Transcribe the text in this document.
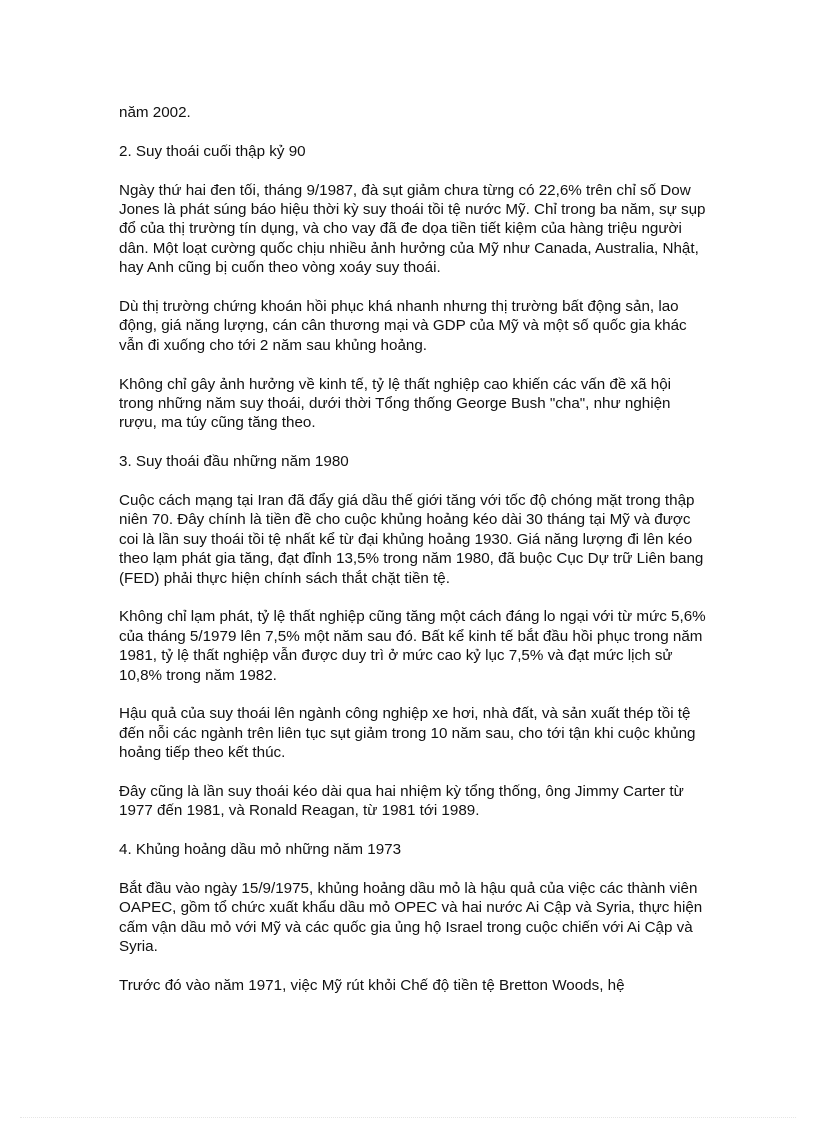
năm 2002.

2. Suy thoái cuối thập kỷ 90

Ngày thứ hai đen tối, tháng 9/1987, đà sụt giảm chưa từng có 22,6% trên chỉ số Dow Jones là phát súng báo hiệu thời kỳ suy thoái tồi tệ nước Mỹ. Chỉ trong ba năm, sự sụp đổ của thị trường tín dụng, và cho vay đã đe dọa tiền tiết kiệm của hàng triệu người dân. Một loạt cường quốc chịu nhiều ảnh hưởng của Mỹ như Canada, Australia, Nhật, hay Anh cũng bị cuốn theo vòng xoáy suy thoái.

Dù thị trường chứng khoán hồi phục khá nhanh nhưng thị trường bất động sản, lao động, giá năng lượng, cán cân thương mại và GDP của Mỹ và một số quốc gia khác vẫn đi xuống cho tới 2 năm sau khủng hoảng.

Không chỉ gây ảnh hưởng về kinh tế, tỷ lệ thất nghiệp cao khiến các vấn đề xã hội trong những năm suy thoái, dưới thời Tổng thống George Bush "cha", như nghiện rượu, ma túy cũng tăng theo.

3. Suy thoái đầu những năm 1980

Cuộc cách mạng tại Iran đã đẩy giá dầu thế giới tăng với tốc độ chóng mặt trong thập niên 70. Đây chính là tiền đề cho cuộc khủng hoảng kéo dài 30 tháng tại Mỹ và được coi là lần suy thoái tồi tệ nhất kể từ đại khủng hoảng 1930. Giá năng lượng đi lên kéo theo lạm phát gia tăng, đạt đỉnh 13,5% trong năm 1980, đã buộc Cục Dự trữ Liên bang (FED) phải thực hiện chính sách thắt chặt tiền tệ.

Không chỉ lạm phát, tỷ lệ thất nghiệp cũng tăng một cách đáng lo ngại với từ mức 5,6% của tháng 5/1979 lên 7,5% một năm sau đó. Bất kể kinh tế bắt đầu hồi phục trong năm 1981, tỷ lệ thất nghiệp vẫn được duy trì ở mức cao kỷ lục 7,5% và đạt mức lịch sử 10,8% trong năm 1982.

Hậu quả của suy thoái lên ngành công nghiệp xe hơi, nhà đất, và sản xuất thép tồi tệ đến nỗi các ngành trên liên tục sụt giảm trong 10 năm sau, cho tới tận khi cuộc khủng hoảng tiếp theo kết thúc.

Đây cũng là lần suy thoái kéo dài qua hai nhiệm kỳ tổng thống, ông Jimmy Carter từ 1977 đến 1981, và Ronald Reagan, từ 1981 tới 1989.

4. Khủng hoảng dầu mỏ những năm 1973

Bắt đầu vào ngày 15/9/1975, khủng hoảng dầu mỏ là hậu quả của việc các thành viên OAPEC, gồm tổ chức xuất khẩu dầu mỏ OPEC và hai nước Ai Cập và Syria, thực hiện cấm vận dầu mỏ với Mỹ và các quốc gia ủng hộ Israel trong cuộc chiến với Ai Cập và Syria.

Trước đó vào năm 1971, việc Mỹ rút khỏi Chế độ tiền tệ Bretton Woods, hệ
